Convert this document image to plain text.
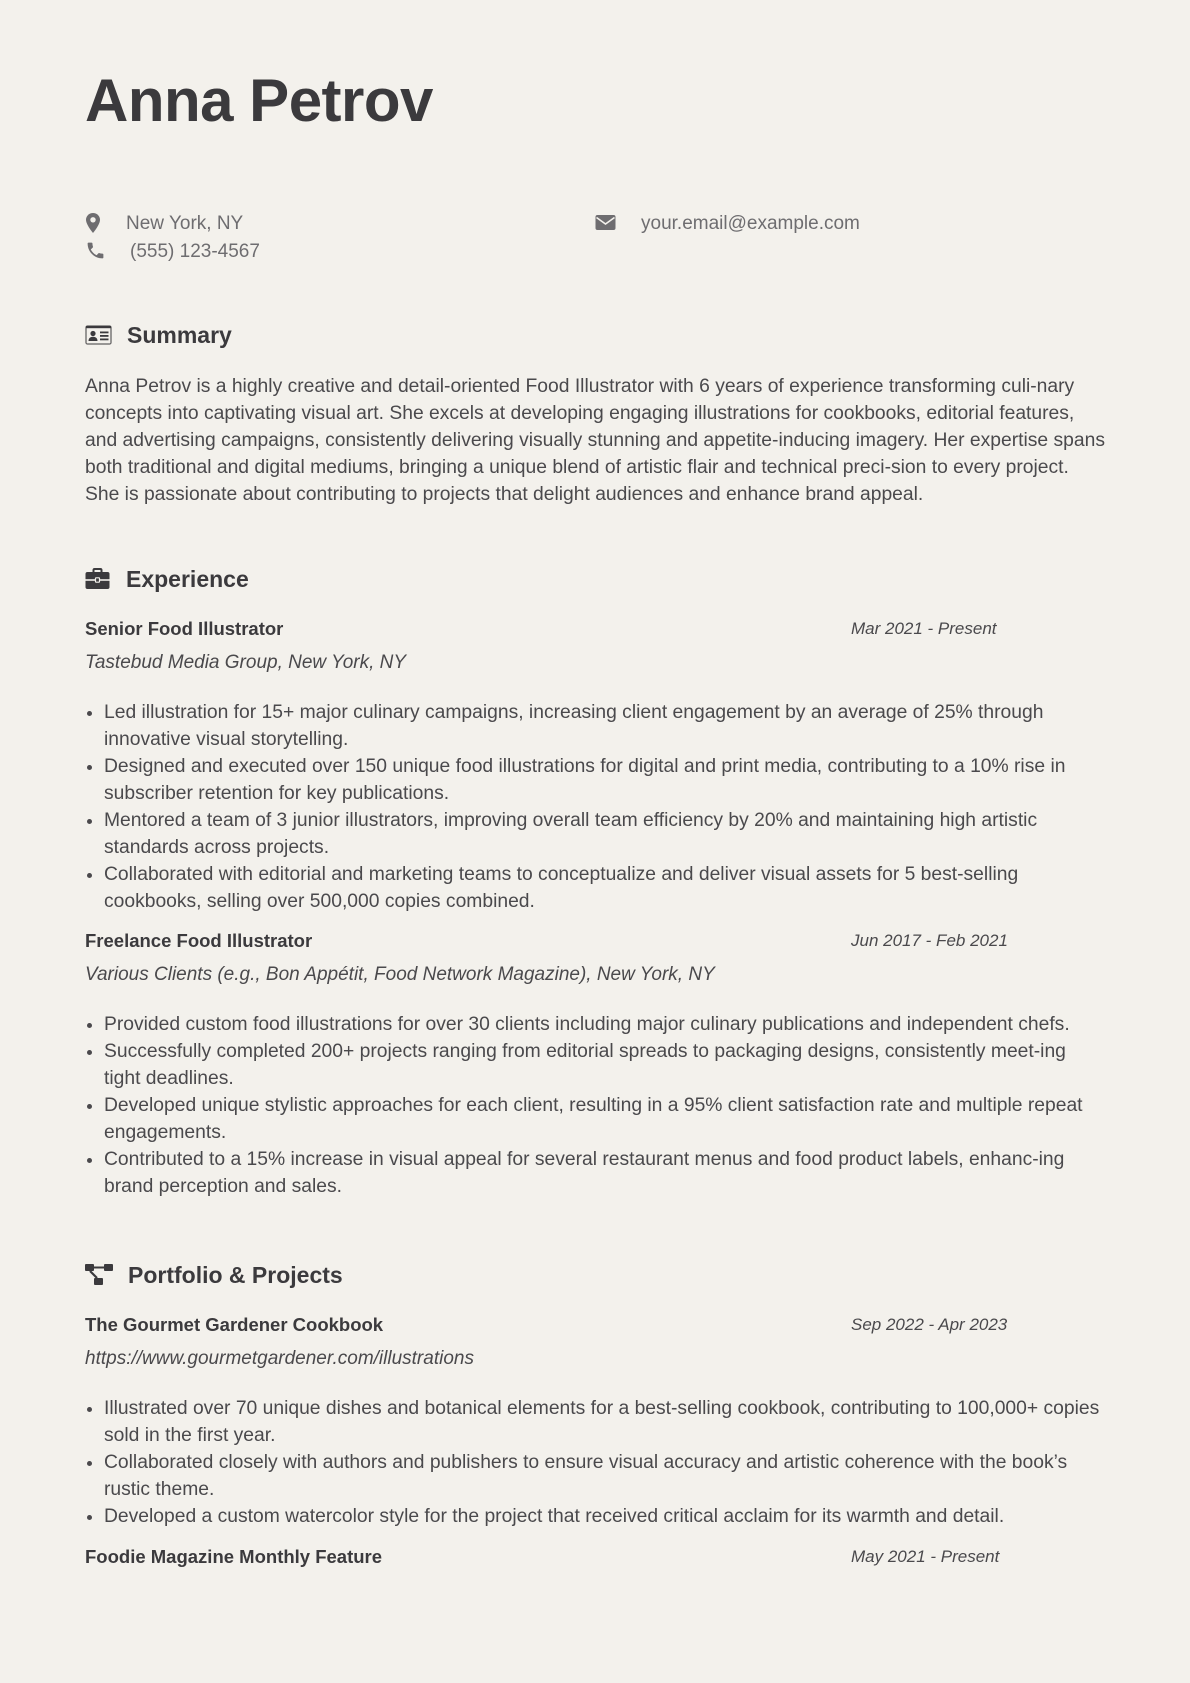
Anna Petrov
New York, NY
(555) 123-4567
your.email@example.com
Summary

Anna Petrov is a highly creative and detail-oriented Food Illustrator with 6 years of experience transforming culi-nary concepts into captivating visual art. She excels at developing engaging illustrations for cookbooks, editorial features, and advertising campaigns, consistently delivering visually stunning and appetite-inducing imagery. Her expertise spans both traditional and digital mediums, bringing a unique blend of artistic flair and technical preci-sion to every project. She is passionate about contributing to projects that delight audiences and enhance brand appeal.

Experience
Senior Food Illustrator	Mar 2021 - Present
Tastebud Media Group, New York, NY
Led illustration for 15+ major culinary campaigns, increasing client engagement by an average of 25% through innovative visual storytelling.
Designed and executed over 150 unique food illustrations for digital and print media, contributing to a 10% rise in subscriber retention for key publications.
Mentored a team of 3 junior illustrators, improving overall team efficiency by 20% and maintaining high artistic standards across projects.
Collaborated with editorial and marketing teams to conceptualize and deliver visual assets for 5 best-selling cookbooks, selling over 500,000 copies combined.
Freelance Food Illustrator	Jun 2017 - Feb 2021
Various Clients (e.g., Bon Appétit, Food Network Magazine), New York, NY
Provided custom food illustrations for over 30 clients including major culinary publications and independent chefs.
Successfully completed 200+ projects ranging from editorial spreads to packaging designs, consistently meet-ing tight deadlines.
Developed unique stylistic approaches for each client, resulting in a 95% client satisfaction rate and multiple repeat engagements.
Contributed to a 15% increase in visual appeal for several restaurant menus and food product labels, enhanc-ing brand perception and sales.
Portfolio & Projects
The Gourmet Gardener Cookbook	Sep 2022 - Apr 2023
https://www.gourmetgardener.com/illustrations
Illustrated over 70 unique dishes and botanical elements for a best-selling cookbook, contributing to 100,000+ copies sold in the first year.
Collaborated closely with authors and publishers to ensure visual accuracy and artistic coherence with the book’s rustic theme.
Developed a custom watercolor style for the project that received critical acclaim for its warmth and detail.
Foodie Magazine Monthly Feature	May 2021 - Present
